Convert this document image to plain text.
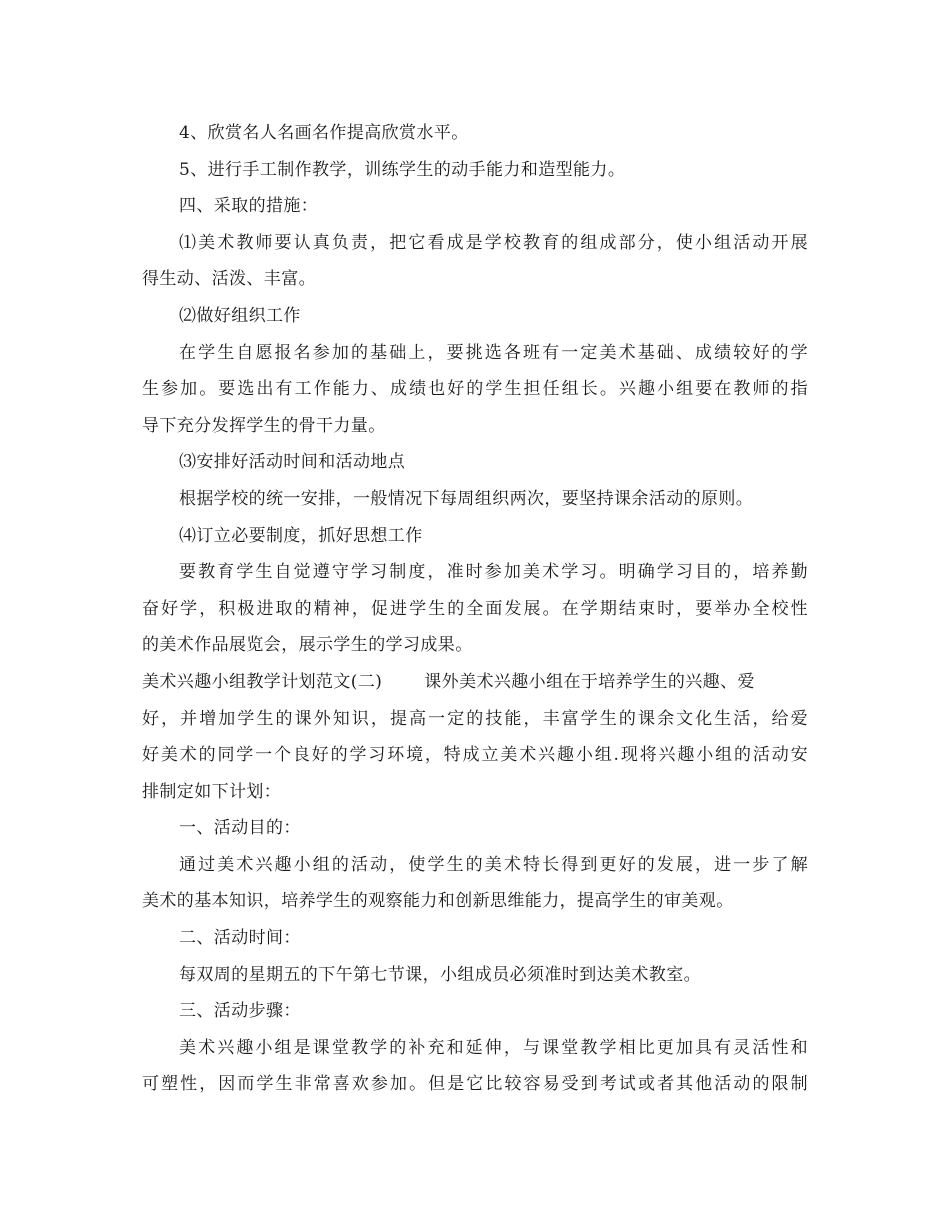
4、欣赏名人名画名作提高欣赏水平。
5、进行手工制作教学，训练学生的动手能力和造型能力。
四、采取的措施：
⑴美术教师要认真负责，把它看成是学校教育的组成部分，使小组活动开展
得生动、活泼、丰富。
⑵做好组织工作
在学生自愿报名参加的基础上，要挑选各班有一定美术基础、成绩较好的学
生参加。要选出有工作能力、成绩也好的学生担任组长。兴趣小组要在教师的指
导下充分发挥学生的骨干力量。
⑶安排好活动时间和活动地点
根据学校的统一安排，一般情况下每周组织两次，要坚持课余活动的原则。
⑷订立必要制度，抓好思想工作
要教育学生自觉遵守学习制度，准时参加美术学习。明确学习目的，培养勤
奋好学，积极进取的精神，促进学生的全面发展。在学期结束时，要举办全校性
的美术作品展览会，展示学生的学习成果。
美术兴趣小组教学计划范文(二) 课外美术兴趣小组在于培养学生的兴趣、爱
好，并增加学生的课外知识，提高一定的技能，丰富学生的课余文化生活，给爱
好美术的同学一个良好的学习环境，特成立美术兴趣小组.现将兴趣小组的活动安
排制定如下计划：
一、活动目的：
通过美术兴趣小组的活动，使学生的美术特长得到更好的发展，进一步了解
美术的基本知识，培养学生的观察能力和创新思维能力，提高学生的审美观。
二、活动时间：
每双周的星期五的下午第七节课，小组成员必须准时到达美术教室。
三、活动步骤：
美术兴趣小组是课堂教学的补充和延伸，与课堂教学相比更加具有灵活性和
可塑性，因而学生非常喜欢参加。但是它比较容易受到考试或者其他活动的限制
